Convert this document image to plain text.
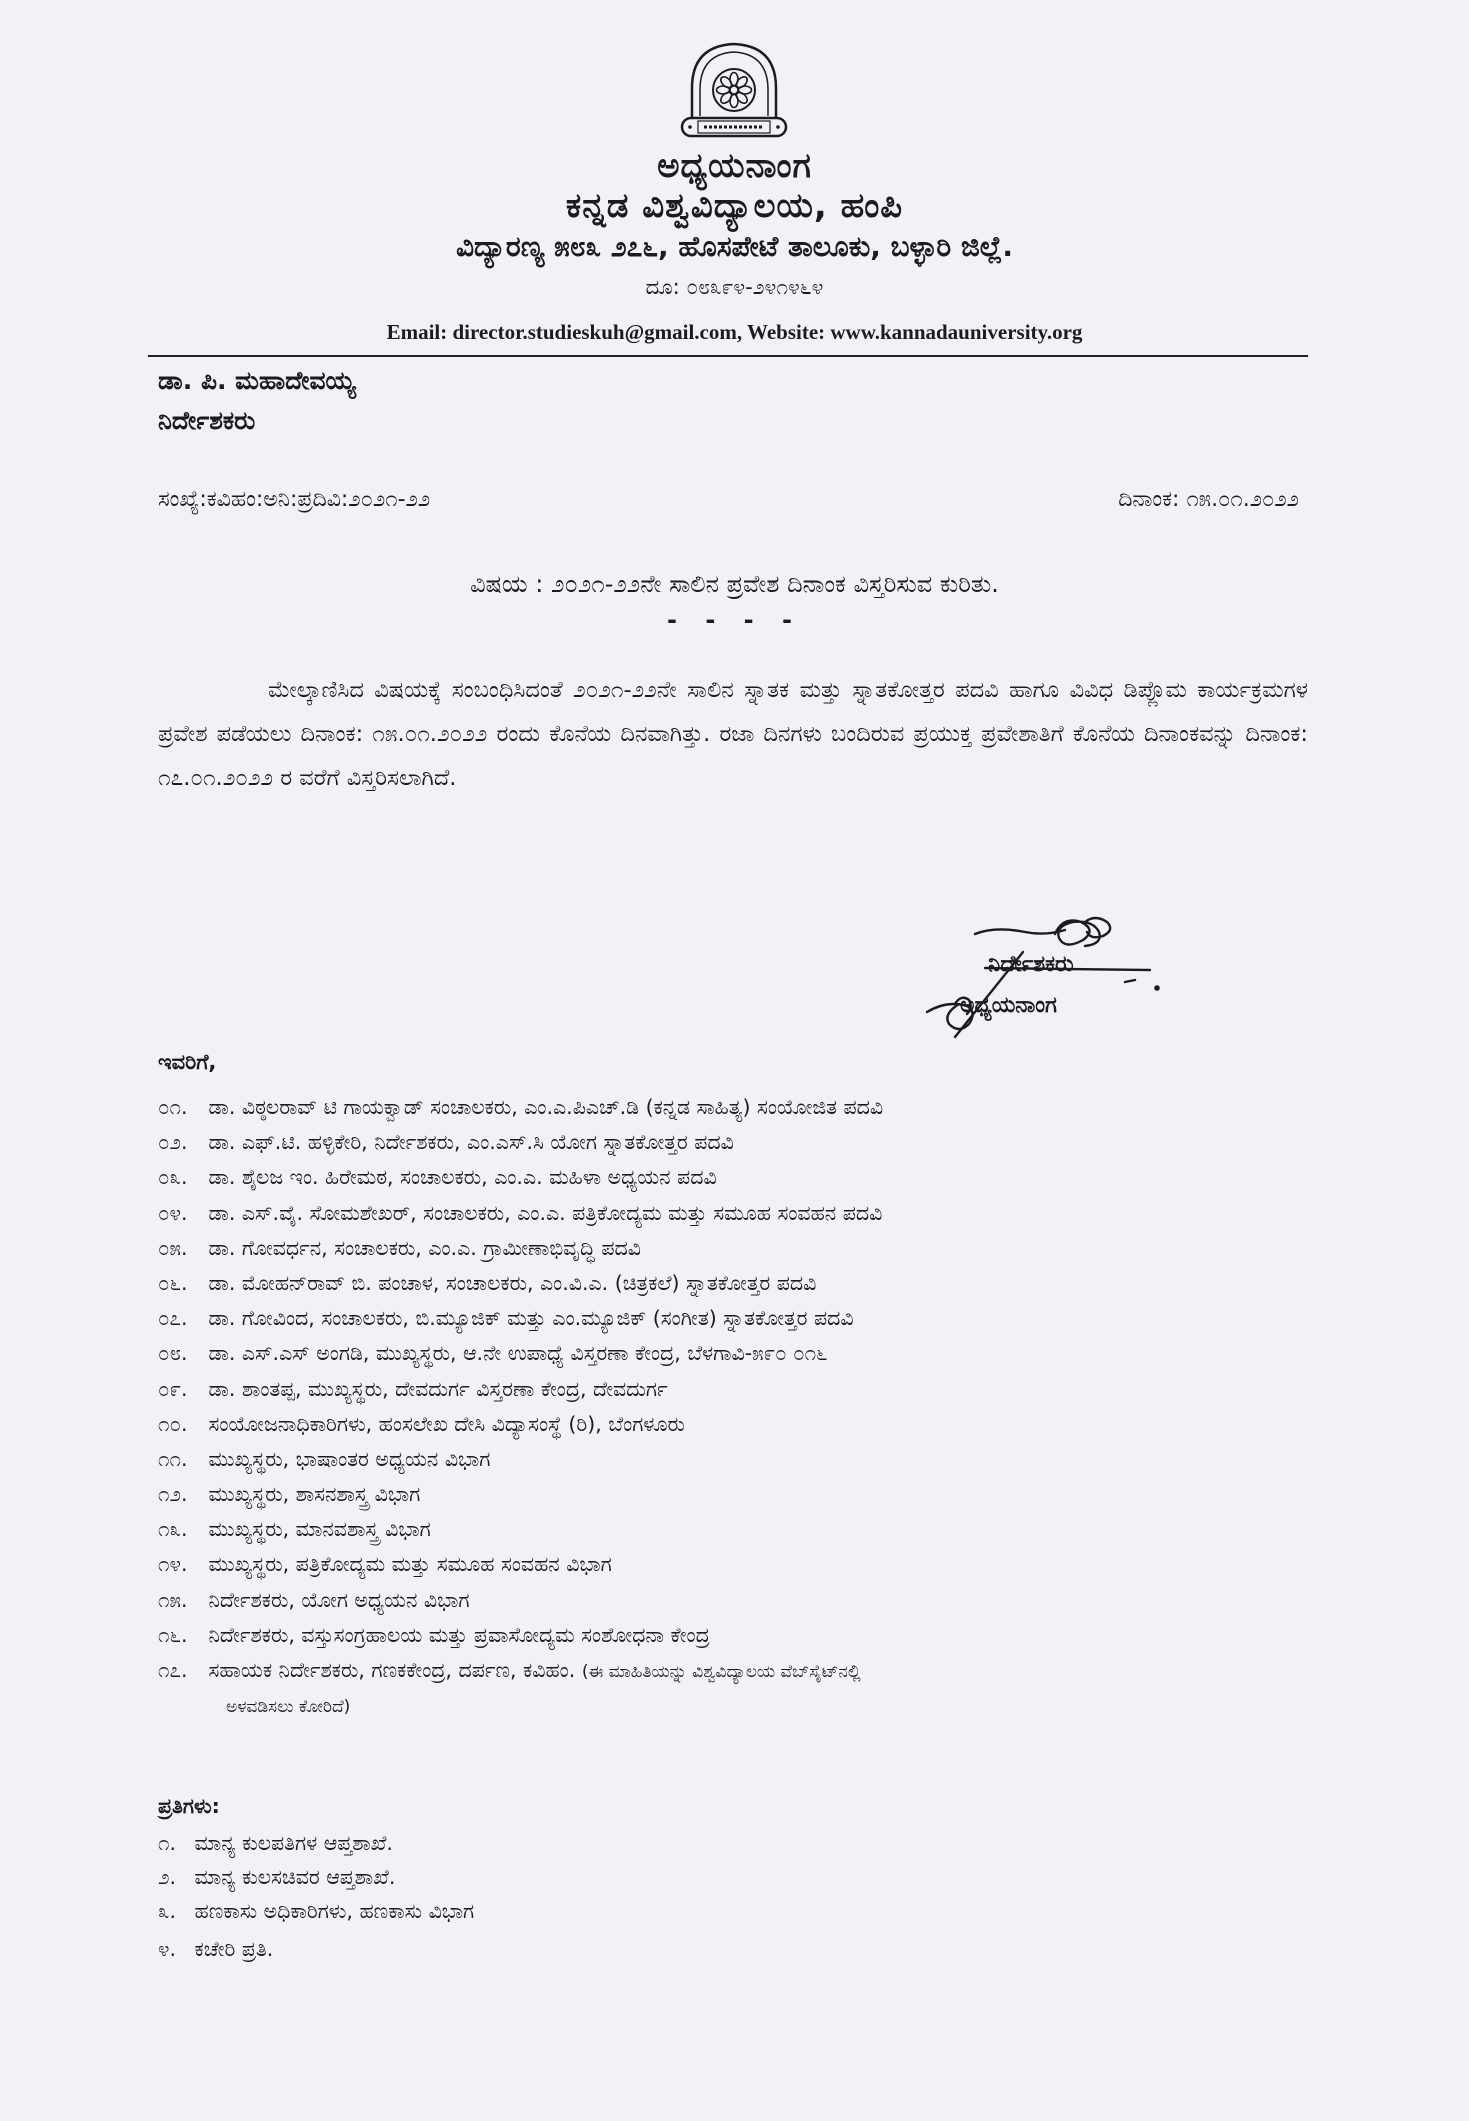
ಅಧ್ಯಯನಾಂಗ
ಕನ್ನಡ ವಿಶ್ವವಿದ್ಯಾಲಯ, ಹಂಪಿ
ವಿದ್ಯಾರಣ್ಯ ೫೮೩ ೨೭೬, ಹೊಸಪೇಟೆ ತಾಲೂಕು, ಬಳ್ಳಾರಿ ಜಿಲ್ಲೆ.
ದೂ: ೦೮೩೯೪-೨೪೧೪೬೪
Email: director.studieskuh@gmail.com, Website: www.kannadauniversity.org
ಡಾ. ಪಿ. ಮಹಾದೇವಯ್ಯ
ನಿರ್ದೇಶಕರು
ಸಂಖ್ಯೆ:ಕವಿಹಂ:ಅನಿ:ಪ್ರದಿವಿ:೨೦೨೧-೨೨	ದಿನಾಂಕ: ೧೫.೦೧.೨೦೨೨
ವಿಷಯ : ೨೦೨೧-೨೨ನೇ ಸಾಲಿನ ಪ್ರವೇಶ ದಿನಾಂಕ ವಿಸ್ತರಿಸುವ ಕುರಿತು.
- - - -
ಮೇಲ್ಕಾಣಿಸಿದ ವಿಷಯಕ್ಕೆ ಸಂಬಂಧಿಸಿದಂತೆ ೨೦೨೧-೨೨ನೇ ಸಾಲಿನ ಸ್ನಾತಕ ಮತ್ತು ಸ್ನಾತಕೋತ್ತರ ಪದವಿ ಹಾಗೂ ವಿವಿಧ ಡಿಪ್ಲೊಮ ಕಾರ್ಯಕ್ರಮಗಳ ಪ್ರವೇಶ ಪಡೆಯಲು ದಿನಾಂಕ: ೧೫.೦೧.೨೦೨೨ ರಂದು ಕೊನೆಯ ದಿನವಾಗಿತ್ತು. ರಜಾ ದಿನಗಳು ಬಂದಿರುವ ಪ್ರಯುಕ್ತ ಪ್ರವೇಶಾತಿಗೆ ಕೊನೆಯ ದಿನಾಂಕವನ್ನು ದಿನಾಂಕ: ೧೭.೦೧.೨೦೨೨ ರ ವರೆಗೆ ವಿಸ್ತರಿಸಲಾಗಿದೆ.
ನಿರ್ದೇಶಕರು
ಅಧ್ಯಯನಾಂಗ
ಇವರಿಗೆ,
೦೧. ಡಾ. ವಿಠ್ಠಲರಾವ್ ಟಿ ಗಾಯಕ್ವಾಡ್ ಸಂಚಾಲಕರು, ಎಂ.ಎ.ಪಿಎಚ್.ಡಿ (ಕನ್ನಡ ಸಾಹಿತ್ಯ) ಸಂಯೋಜಿತ ಪದವಿ
೦೨. ಡಾ. ಎಫ್.ಟಿ. ಹಳ್ಳಿಕೇರಿ, ನಿರ್ದೇಶಕರು, ಎಂ.ಎಸ್.ಸಿ ಯೋಗ ಸ್ನಾತಕೋತ್ತರ ಪದವಿ
೦೩. ಡಾ. ಶೈಲಜ ಇಂ. ಹಿರೇಮಠ, ಸಂಚಾಲಕರು, ಎಂ.ಎ. ಮಹಿಳಾ ಅಧ್ಯಯನ ಪದವಿ
೦೪. ಡಾ. ಎಸ್.ವೈ. ಸೋಮಶೇಖರ್, ಸಂಚಾಲಕರು, ಎಂ.ಎ. ಪತ್ರಿಕೋದ್ಯಮ ಮತ್ತು ಸಮೂಹ ಸಂವಹನ ಪದವಿ
೦೫. ಡಾ. ಗೋವರ್ಧನ, ಸಂಚಾಲಕರು, ಎಂ.ಎ. ಗ್ರಾಮೀಣಾಭಿವೃದ್ಧಿ ಪದವಿ
೦೬. ಡಾ. ಮೋಹನ್‌ರಾವ್ ಬಿ. ಪಂಚಾಳ, ಸಂಚಾಲಕರು, ಎಂ.ವಿ.ಎ. (ಚಿತ್ರಕಲೆ) ಸ್ನಾತಕೋತ್ತರ ಪದವಿ
೦೭. ಡಾ. ಗೋವಿಂದ, ಸಂಚಾಲಕರು, ಬಿ.ಮ್ಯೂಜಿಕ್ ಮತ್ತು ಎಂ.ಮ್ಯೂಜಿಕ್ (ಸಂಗೀತ) ಸ್ನಾತಕೋತ್ತರ ಪದವಿ
೦೮. ಡಾ. ಎಸ್.ಎಸ್ ಅಂಗಡಿ, ಮುಖ್ಯಸ್ಥರು, ಆ.ನೇ ಉಪಾಧ್ಯೆ ವಿಸ್ತರಣಾ ಕೇಂದ್ರ, ಬೆಳಗಾವಿ-೫೯೦ ೦೧೬
೦೯. ಡಾ. ಶಾಂತಪ್ಪ, ಮುಖ್ಯಸ್ಥರು, ದೇವದುರ್ಗ ವಿಸ್ತರಣಾ ಕೇಂದ್ರ, ದೇವದುರ್ಗ
೧೦. ಸಂಯೋಜನಾಧಿಕಾರಿಗಳು, ಹಂಸಲೇಖ ದೇಸಿ ವಿದ್ಯಾಸಂಸ್ಥೆ (ರಿ), ಬೆಂಗಳೂರು
೧೧. ಮುಖ್ಯಸ್ಥರು, ಭಾಷಾಂತರ ಅಧ್ಯಯನ ವಿಭಾಗ
೧೨. ಮುಖ್ಯಸ್ಥರು, ಶಾಸನಶಾಸ್ತ್ರ ವಿಭಾಗ
೧೩. ಮುಖ್ಯಸ್ಥರು, ಮಾನವಶಾಸ್ತ್ರ ವಿಭಾಗ
೧೪. ಮುಖ್ಯಸ್ಥರು, ಪತ್ರಿಕೋದ್ಯಮ ಮತ್ತು ಸಮೂಹ ಸಂವಹನ ವಿಭಾಗ
೧೫. ನಿರ್ದೇಶಕರು, ಯೋಗ ಅಧ್ಯಯನ ವಿಭಾಗ
೧೬. ನಿರ್ದೇಶಕರು, ವಸ್ತುಸಂಗ್ರಹಾಲಯ ಮತ್ತು ಪ್ರವಾಸೋದ್ಯಮ ಸಂಶೋಧನಾ ಕೇಂದ್ರ
೧೭. ಸಹಾಯಕ ನಿರ್ದೇಶಕರು, ಗಣಕಕೇಂದ್ರ, ದರ್ಪಣ, ಕವಿಹಂ. (ಈ ಮಾಹಿತಿಯನ್ನು ವಿಶ್ವವಿದ್ಯಾಲಯ ವೆಬ್‌ಸೈಟ್‌ನಲ್ಲಿ
ಅಳವಡಿಸಲು ಕೋರಿದೆ)
ಪ್ರತಿಗಳು:
೧. ಮಾನ್ಯ ಕುಲಪತಿಗಳ ಆಪ್ತಶಾಖೆ.
೨. ಮಾನ್ಯ ಕುಲಸಚಿವರ ಆಪ್ತಶಾಖೆ.
೩. ಹಣಕಾಸು ಅಧಿಕಾರಿಗಳು, ಹಣಕಾಸು ವಿಭಾಗ
೪. ಕಚೇರಿ ಪ್ರತಿ.
